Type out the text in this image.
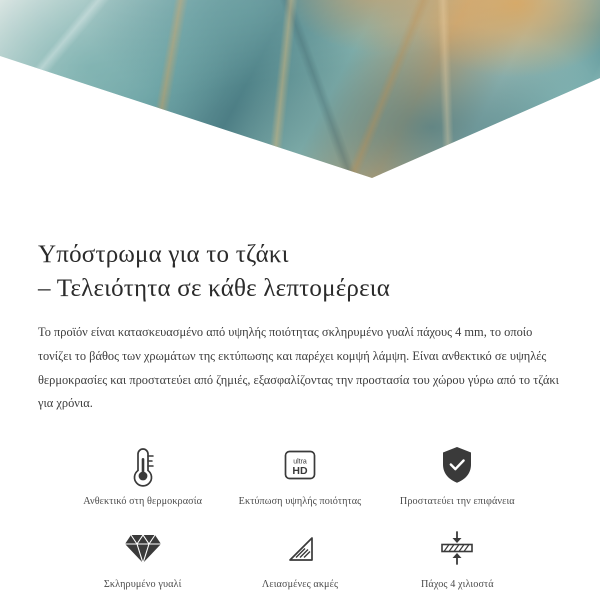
Υπόστρωμα για το τζάκι
– Τελειότητα σε κάθε λεπτομέρεια

Το προϊόν είναι κατασκευασμένο από υψηλής ποιότητας σκληρυμένο γυαλί πάχους 4 mm, το οποίο τονίζει το βάθος των χρωμάτων της εκτύπωσης και παρέχει κομψή λάμψη. Είναι ανθεκτικό σε υψηλές θερμοκρασίες και προστατεύει από ζημιές, εξασφαλίζοντας την προστασία του χώρου γύρω από το τζάκι για χρόνια.

Ανθεκτικό στη θερμοκρασία
ultra
HD
Εκτύπωση υψηλής ποιότητας	Προστατεύει την επιφάνεια
Σκληρυμένο γυαλί	Λειασμένες ακμές	Πάχος 4 χιλιοστά
